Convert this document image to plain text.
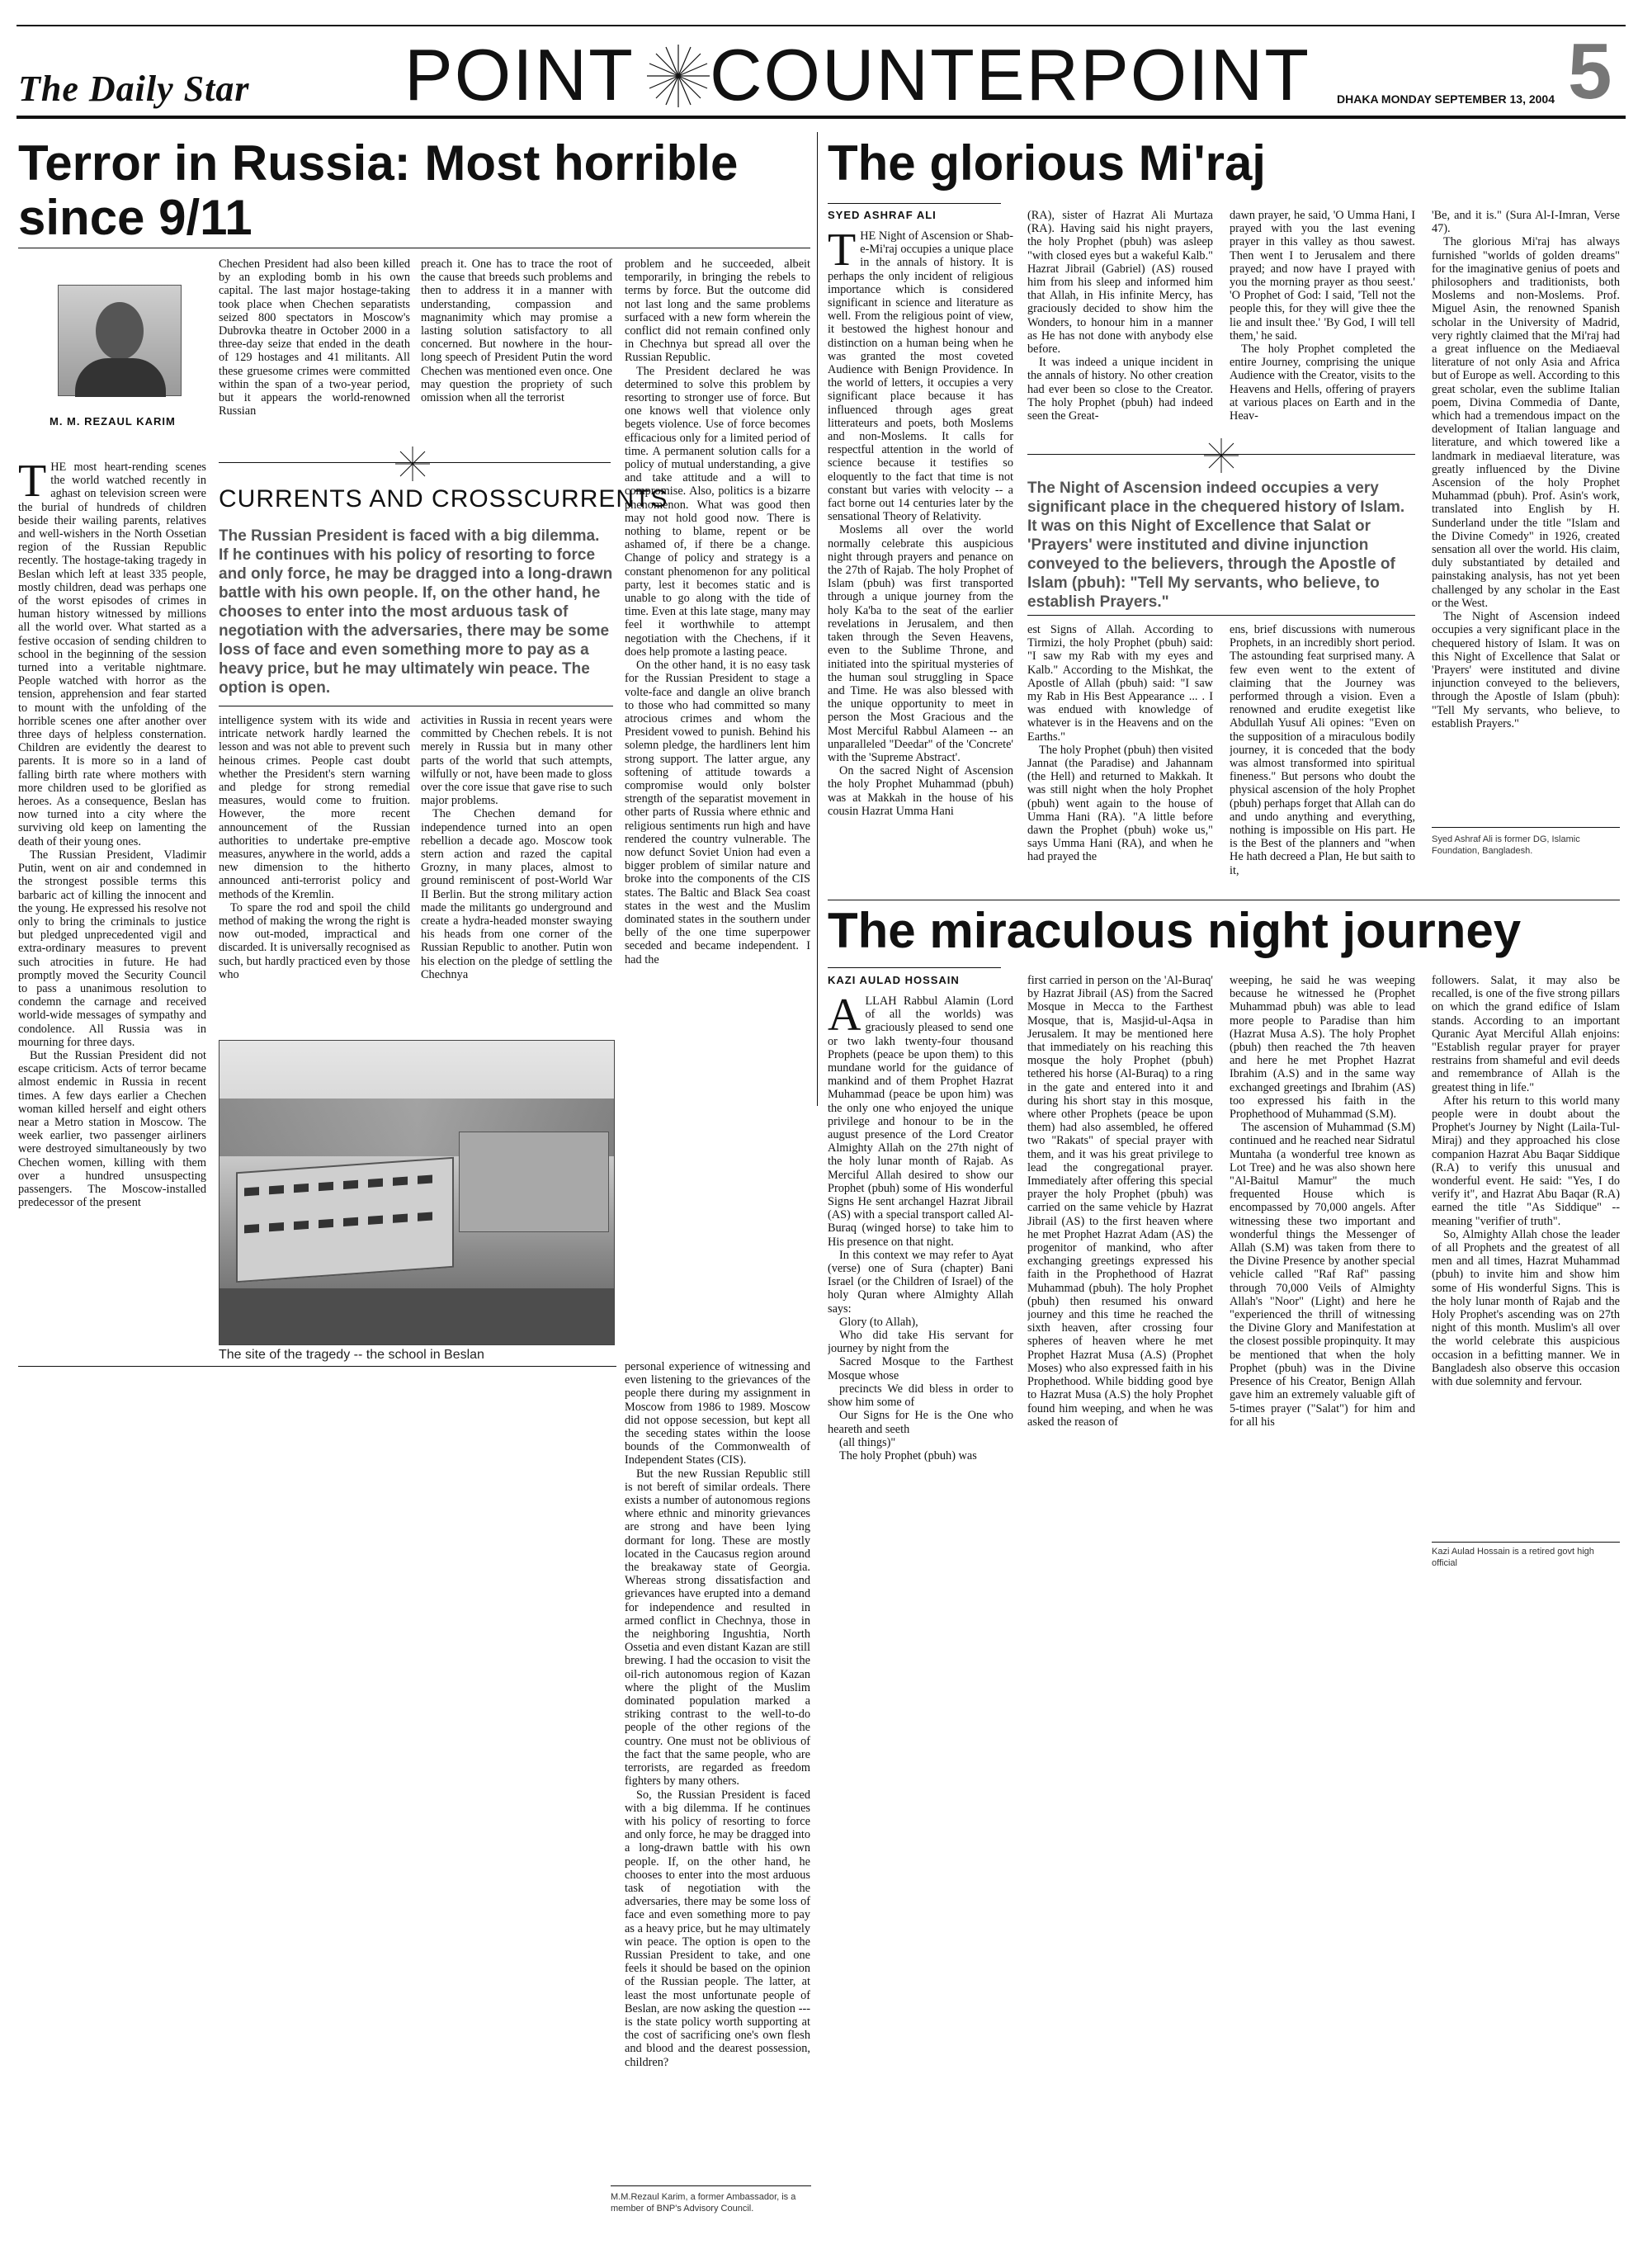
The Daily Star POINT COUNTERPOINT DHAKA MONDAY SEPTEMBER 13, 2004 5
Terror in Russia: Most horrible since 9/11
M. M. REZAUL KARIM
T HE most heart-rending scenes the world watched recently in aghast on television screen were the burial of hundreds of children beside their wailing parents, relatives and well-wishers in the North Ossetian region of the Russian Republic recently. The hostage-taking tragedy in Beslan which left at least 335 people, mostly children, dead was perhaps one of the worst episodes of crimes in human history witnessed by millions all the world over. What started as a festive occasion of sending children to school in the beginning of the session turned into a veritable nightmare. People watched with horror as the tension, apprehension and fear started to mount with the unfolding of the horrible scenes one after another over three days of helpless consternation. Children are evidently the dearest to parents. It is more so in a land of falling birth rate where mothers with more children used to be glorified as heroes. As a consequence, Beslan has now turned into a city where the surviving old keep on lamenting the death of their young ones.

The Russian President, Vladimir Putin, went on air and condemned in the strongest possible terms this barbaric act of killing the innocent and the young. He expressed his resolve not only to bring the criminals to justice but pledged unprecedented vigil and extra-ordinary measures to prevent such atrocities in future. He had promptly moved the Security Council to pass a unanimous resolution to condemn the carnage and received world-wide messages of sympathy and condolence. All Russia was in mourning for three days.

But the Russian President did not escape criticism. Acts of terror became almost endemic in Russia in recent times. A few days earlier a Chechen woman killed herself and eight others near a Metro station in Moscow. The week earlier, two passenger airliners were destroyed simultaneously by two Chechen women, killing with them over a hundred unsuspecting passengers. The Moscow-installed predecessor of the present

Chechen President had also been killed by an exploding bomb in his own capital. The last major hostage-taking took place when Chechen separatists seized 800 spectators in Moscow's Dubrovka theatre in October 2000 in a three-day seize that ended in the death of 129 hostages and 41 militants. All these gruesome crimes were committed within the span of a two-year period, but it appears the world-renowned Russian

preach it. One has to trace the root of the cause that breeds such problems and then to address it in a manner with understanding, compassion and magnanimity which may promise a lasting solution satisfactory to all concerned. But nowhere in the hour-long speech of President Putin the word Chechen was mentioned even once. One may question the propriety of such omission when all the terrorist

CURRENTS AND CROSSCURRENTS
The Russian President is faced with a big dilemma. If he continues with his policy of resorting to force and only force, he may be dragged into a long-drawn battle with his own people. If, on the other hand, he chooses to enter into the most arduous task of negotiation with the adversaries, there may be some loss of face and even something more to pay as a heavy price, but he may ultimately win peace. The option is open.

intelligence system with its wide and intricate network hardly learned the lesson and was not able to prevent such heinous crimes. People cast doubt whether the President's stern warning and pledge for strong remedial measures, would come to fruition. However, the more recent announcement of the Russian authorities to undertake pre-emptive measures, anywhere in the world, adds a new dimension to the hitherto announced anti-terrorist policy and methods of the Kremlin.

To spare the rod and spoil the child method of making the wrong the right is now out-moded, impractical and discarded. It is universally recognised as such, but hardly practiced even by those who

activities in Russia in recent years were committed by Chechen rebels. It is not merely in Russia but in many other parts of the world that such attempts, wilfully or not, have been made to gloss over the core issue that gave rise to such major problems.

The Chechen demand for independence turned into an open rebellion a decade ago. Moscow took stern action and razed the capital Grozny, in many places, almost to ground reminiscent of post-World War II Berlin. But the strong military action made the militants go underground and create a hydra-headed monster swaying his heads from one corner of the Russian Republic to another. Putin won his election on the pledge of settling the Chechnya

problem and he succeeded, albeit temporarily, in bringing the rebels to terms by force. But the outcome did not last long and the same problems surfaced with a new form wherein the conflict did not remain confined only in Chechnya but spread all over the Russian Republic.

The President declared he was determined to solve this problem by resorting to stronger use of force. But one knows well that violence only begets violence. Use of force becomes efficacious only for a limited period of time. A permanent solution calls for a policy of mutual understanding, a give and take attitude and a will to compromise. Also, politics is a bizarre phenomenon. What was good then may not hold good now. There is nothing to blame, repent or be ashamed of, if there be a change. Change of policy and strategy is a constant phenomenon for any political party, lest it becomes static and is unable to go along with the tide of time. Even at this late stage, many may feel it worthwhile to attempt negotiation with the Chechens, if it does help promote a lasting peace.

On the other hand, it is no easy task for the Russian President to stage a volte-face and dangle an olive branch to those who had committed so many atrocious crimes and whom the President vowed to punish. Behind his solemn pledge, the hardliners lent him strong support. The latter argue, any softening of attitude towards a compromise would only bolster strength of the separatist movement in other parts of Russia where ethnic and religious sentiments run high and have rendered the country vulnerable. The now defunct Soviet Union had even a bigger problem of similar nature and broke into the components of the CIS states. The Baltic and Black Sea coast states in the west and the Muslim dominated states in the southern under belly of the one time superpower seceded and became independent. I had the

The site of the tragedy -- the school in Beslan

personal experience of witnessing and even listening to the grievances of the people there during my assignment in Moscow from 1986 to 1989. Moscow did not oppose secession, but kept all the seceding states within the loose bounds of the Commonwealth of Independent States (CIS).

But the new Russian Republic still is not bereft of similar ordeals. There exists a number of autonomous regions where ethnic and minority grievances are strong and have been lying dormant for long. These are mostly located in the Caucasus region around the breakaway state of Georgia. Whereas strong dissatisfaction and grievances have erupted into a demand for independence and resulted in armed conflict in Chechnya, those in the neighboring Ingushtia, North Ossetia and even distant Kazan are still brewing. I had the occasion to visit the oil-rich autonomous region of Kazan where the plight of the Muslim dominated population marked a striking contrast to the well-to-do people of the other regions of the country. One must not be oblivious of the fact that the same people, who are terrorists, are regarded as freedom fighters by many others.

So, the Russian President is faced with a big dilemma. If he continues with his policy of resorting to force and only force, he may be dragged into a long-drawn battle with his own people. If, on the other hand, he chooses to enter into the most arduous task of negotiation with the adversaries, there may be some loss of face and even something more to pay as a heavy price, but he may ultimately win peace. The option is open to the Russian President to take, and one feels it should be based on the opinion of the Russian people. The latter, at least the most unfortunate people of Beslan, are now asking the question --- is the state policy worth supporting at the cost of sacrificing one's own flesh and blood and the dearest possession, children?

M.M.Rezaul Karim, a former Ambassador, is a member of BNP's Advisory Council.
The glorious Mi'raj
SYED ASHRAF ALI
T HE Night of Ascension or Shab-e-Mi'raj occupies a unique place in the annals of history. It is perhaps the only incident of religious importance which is considered significant in science and literature as well. From the religious point of view, it bestowed the highest honour and distinction on a human being when he was granted the most coveted Audience with Benign Providence. In the world of letters, it occupies a very significant place because it has influenced through ages great litterateurs and poets, both Moslems and non-Moslems. It calls for respectful attention in the world of science because it testifies so eloquently to the fact that time is not constant but varies with velocity -- a fact borne out 14 centuries later by the sensational Theory of Relativity.

Moslems all over the world normally celebrate this auspicious night through prayers and penance on the 27th of Rajab. The holy Prophet of Islam (pbuh) was first transported through a unique journey from the holy Ka'ba to the seat of the earlier revelations in Jerusalem, and then taken through the Seven Heavens, even to the Sublime Throne, and initiated into the spiritual mysteries of the human soul struggling in Space and Time. He was also blessed with the unique opportunity to meet in person the Most Gracious and the Most Merciful Rabbul Alameen -- an unparalleled "Deedar" of the 'Concrete' with the 'Supreme Abstract'.

On the sacred Night of Ascension the holy Prophet Muhammad (pbuh) was at Makkah in the house of his cousin Hazrat Umma Hani

(RA), sister of Hazrat Ali Murtaza (RA). Having said his night prayers, the holy Prophet (pbuh) was asleep "with closed eyes but a wakeful Kalb." Hazrat Jibrail (Gabriel) (AS) roused him from his sleep and informed him that Allah, in His infinite Mercy, has graciously decided to show him the Wonders, to honour him in a manner as He has not done with anybody else before.

It was indeed a unique incident in the annals of history. No other creation had ever been so close to the Creator. The holy Prophet (pbuh) had indeed seen the Great-

dawn prayer, he said, 'O Umma Hani, I prayed with you the last evening prayer in this valley as thou sawest. Then went I to Jerusalem and there prayed; and now have I prayed with you the morning prayer as thou seest.' 'O Prophet of God: I said, 'Tell not the people this, for they will give thee the lie and insult thee.' 'By God, I will tell them,' he said.

The holy Prophet completed the entire Journey, comprising the unique Audience with the Creator, visits to the Heavens and Hells, offering of prayers at various places on Earth and in the Heav-

The Night of Ascension indeed occupies a very significant place in the chequered history of Islam. It was on this Night of Excellence that Salat or 'Prayers' were instituted and divine injunction conveyed to the believers, through the Apostle of Islam (pbuh): "Tell My servants, who believe, to establish Prayers."

est Signs of Allah. According to Tirmizi, the holy Prophet (pbuh) said: "I saw my Rab with my eyes and Kalb." According to the Mishkat, the Apostle of Allah (pbuh) said: "I saw my Rab in His Best Appearance ... . I was endued with knowledge of whatever is in the Heavens and on the Earths."

The holy Prophet (pbuh) then visited Jannat (the Paradise) and Jahannam (the Hell) and returned to Makkah. It was still night when the holy Prophet (pbuh) went again to the house of Umma Hani (RA). "A little before dawn the Prophet (pbuh) woke us," says Umma Hani (RA), and when he had prayed the

ens, brief discussions with numerous Prophets, in an incredibly short period. The astounding feat surprised many. A few even went to the extent of claiming that the Journey was performed through a vision. Even a renowned and erudite exegetist like Abdullah Yusuf Ali opines: "Even on the supposition of a miraculous bodily journey, it is conceded that the body was almost transformed into spiritual fineness." But persons who doubt the physical ascension of the holy Prophet (pbuh) perhaps forget that Allah can do and undo anything and everything, nothing is impossible on His part. He is the Best of the planners and "when He hath decreed a Plan, He but saith to it,

'Be, and it is." (Sura Al-I-Imran, Verse 47).

The glorious Mi'raj has always furnished "worlds of golden dreams" for the imaginative genius of poets and philosophers and traditionists, both Moslems and non-Moslems. Prof. Miguel Asin, the renowned Spanish scholar in the University of Madrid, very rightly claimed that the Mi'raj had a great influence on the Mediaeval literature of not only Asia and Africa but of Europe as well. According to this great scholar, even the sublime Italian poem, Divina Commedia of Dante, which had a tremendous impact on the development of Italian language and literature, and which towered like a landmark in mediaeval literature, was greatly influenced by the Divine Ascension of the holy Prophet Muhammad (pbuh). Prof. Asin's work, translated into English by H. Sunderland under the title "Islam and the Divine Comedy" in 1926, created sensation all over the world. His claim, duly substantiated by detailed and painstaking analysis, has not yet been challenged by any scholar in the East or the West.

The Night of Ascension indeed occupies a very significant place in the chequered history of Islam. It was on this Night of Excellence that Salat or 'Prayers' were instituted and divine injunction conveyed to the believers, through the Apostle of Islam (pbuh): "Tell My servants, who believe, to establish Prayers."

Syed Ashraf Ali is former DG, Islamic Foundation, Bangladesh.
The miraculous night journey
KAZI AULAD HOSSAIN
A LLAH Rabbul Alamin (Lord of all the worlds) was graciously pleased to send one or two lakh twenty-four thousand Prophets (peace be upon them) to this mundane world for the guidance of mankind and of them Prophet Hazrat Muhammad (peace be upon him) was the only one who enjoyed the unique privilege and honour to be in the august presence of the Lord Creator Almighty Allah on the 27th night of the holy lunar month of Rajab. As Merciful Allah desired to show our Prophet (pbuh) some of His wonderful Signs He sent archangel Hazrat Jibrail (AS) with a special transport called Al-Buraq (winged horse) to take him to His presence on that night.

In this context we may refer to Ayat (verse) one of Sura (chapter) Bani Israel (or the Children of Israel) of the holy Quran where Almighty Allah says:

Glory (to Allah),

Who did take His servant for journey by night from the

Sacred Mosque to the Farthest Mosque whose

precincts We did bless in order to show him some of

Our Signs for He is the One who heareth and seeth

(all things)"

The holy Prophet (pbuh) was

first carried in person on the 'Al-Buraq' by Hazrat Jibrail (AS) from the Sacred Mosque in Mecca to the Farthest Mosque, that is, Masjid-ul-Aqsa in Jerusalem. It may be mentioned here that immediately on his reaching this mosque the holy Prophet (pbuh) tethered his horse (Al-Buraq) to a ring in the gate and entered into it and during his short stay in this mosque, where other Prophets (peace be upon them) had also assembled, he offered two "Rakats" of special prayer with them, and it was his great privilege to lead the congregational prayer. Immediately after offering this special prayer the holy Prophet (pbuh) was carried on the same vehicle by Hazrat Jibrail (AS) to the first heaven where he met Prophet Hazrat Adam (AS) the progenitor of mankind, who after exchanging greetings expressed his faith in the Prophethood of Hazrat Muhammad (pbuh). The holy Prophet (pbuh) then resumed his onward journey and this time he reached the sixth heaven, after crossing four spheres of heaven where he met Prophet Hazrat Musa (A.S) (Prophet Moses) who also expressed faith in his Prophethood. While bidding good bye to Hazrat Musa (A.S) the holy Prophet found him weeping, and when he was asked the reason of

weeping, he said he was weeping because he witnessed he (Prophet Muhammad pbuh) was able to lead more people to Paradise than him (Hazrat Musa A.S). The holy Prophet (pbuh) then reached the 7th heaven and here he met Prophet Hazrat Ibrahim (A.S) and in the same way exchanged greetings and Ibrahim (AS) too expressed his faith in the Prophethood of Muhammad (S.M).

The ascension of Muhammad (S.M) continued and he reached near Sidratul Muntaha (a wonderful tree known as Lot Tree) and he was also shown here "Al-Baitul Mamur" the much frequented House which is encompassed by 70,000 angels. After witnessing these two important and wonderful things the Messenger of Allah (S.M) was taken from there to the Divine Presence by another special vehicle called "Raf Raf" passing through 70,000 Veils of Almighty Allah's "Noor" (Light) and here he "experienced the thrill of witnessing the Divine Glory and Manifestation at the closest possible propinquity. It may be mentioned that when the holy Prophet (pbuh) was in the Divine Presence of his Creator, Benign Allah gave him an extremely valuable gift of 5-times prayer ("Salat") for him and for all his

followers. Salat, it may also be recalled, is one of the five strong pillars on which the grand edifice of Islam stands. According to an important Quranic Ayat Merciful Allah enjoins: "Establish regular prayer for prayer restrains from shameful and evil deeds and remembrance of Allah is the greatest thing in life."

After his return to this world many people were in doubt about the Prophet's Journey by Night (Laila-Tul-Miraj) and they approached his close companion Hazrat Abu Baqar Siddique (R.A) to verify this unusual and wonderful event. He said: "Yes, I do verify it", and Hazrat Abu Baqar (R.A) earned the title "As Siddique" -- meaning "verifier of truth".

So, Almighty Allah chose the leader of all Prophets and the greatest of all men and all times, Hazrat Muhammad (pbuh) to invite him and show him some of His wonderful Signs. This is the holy lunar month of Rajab and the Holy Prophet's ascending was on 27th night of this month. Muslim's all over the world celebrate this auspicious occasion in a befitting manner. We in Bangladesh also observe this occasion with due solemnity and fervour.

Kazi Aulad Hossain is a retired govt high official
